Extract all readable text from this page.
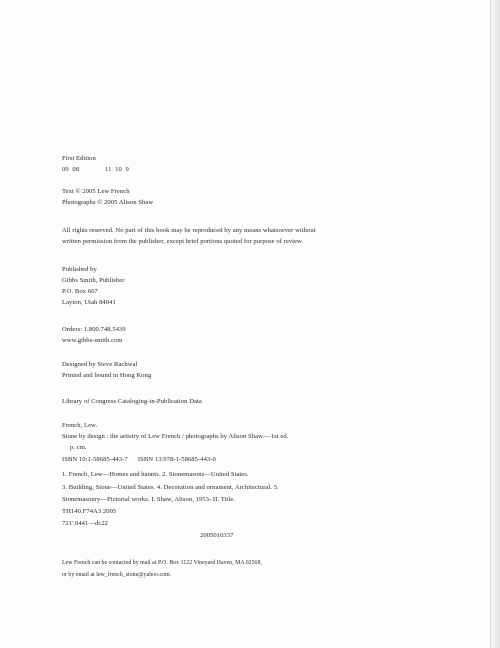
First Edition
09 08       11 10 9
Text © 2005 Lew French
Photographs © 2005 Alison Shaw
All rights reserved. No part of this book may be reproduced by any means whatsoever without
written permission from the publisher, except brief portions quoted for purpose of review.
Published by
Gibbs Smith, Publisher
P.O. Box 667
Layton, Utah 84041
Orders: 1.800.748.5439
www.gibbs-smith.com
Designed by Steve Rachwal
Printed and bound in Hong Kong
Library of Congress Cataloging-in-Publication Data
French, Lew.
Stone by design : the artistry of Lew French / photographs by Alison Shaw.—1st ed.
p. cm.
ISBN 10:1-58685-443-7      ISBN 13:978-1-58685-443-0
1. French, Lew—Homes and haunts. 2. Stonemasons—United States.
3. Building, Stone—United States. 4. Decoration and ornament, Architectural. 5.
Stonemasonry—Pictorial works. I. Shaw, Alison, 1953- II. Title.
TH140.F74A3 2005
721'.0441—dc22
2005010337
Lew French can be contacted by mail at P.O. Box 1122 Vineyard Haven, MA 02568,
or by email at lew_french_stone@yahoo.com.
